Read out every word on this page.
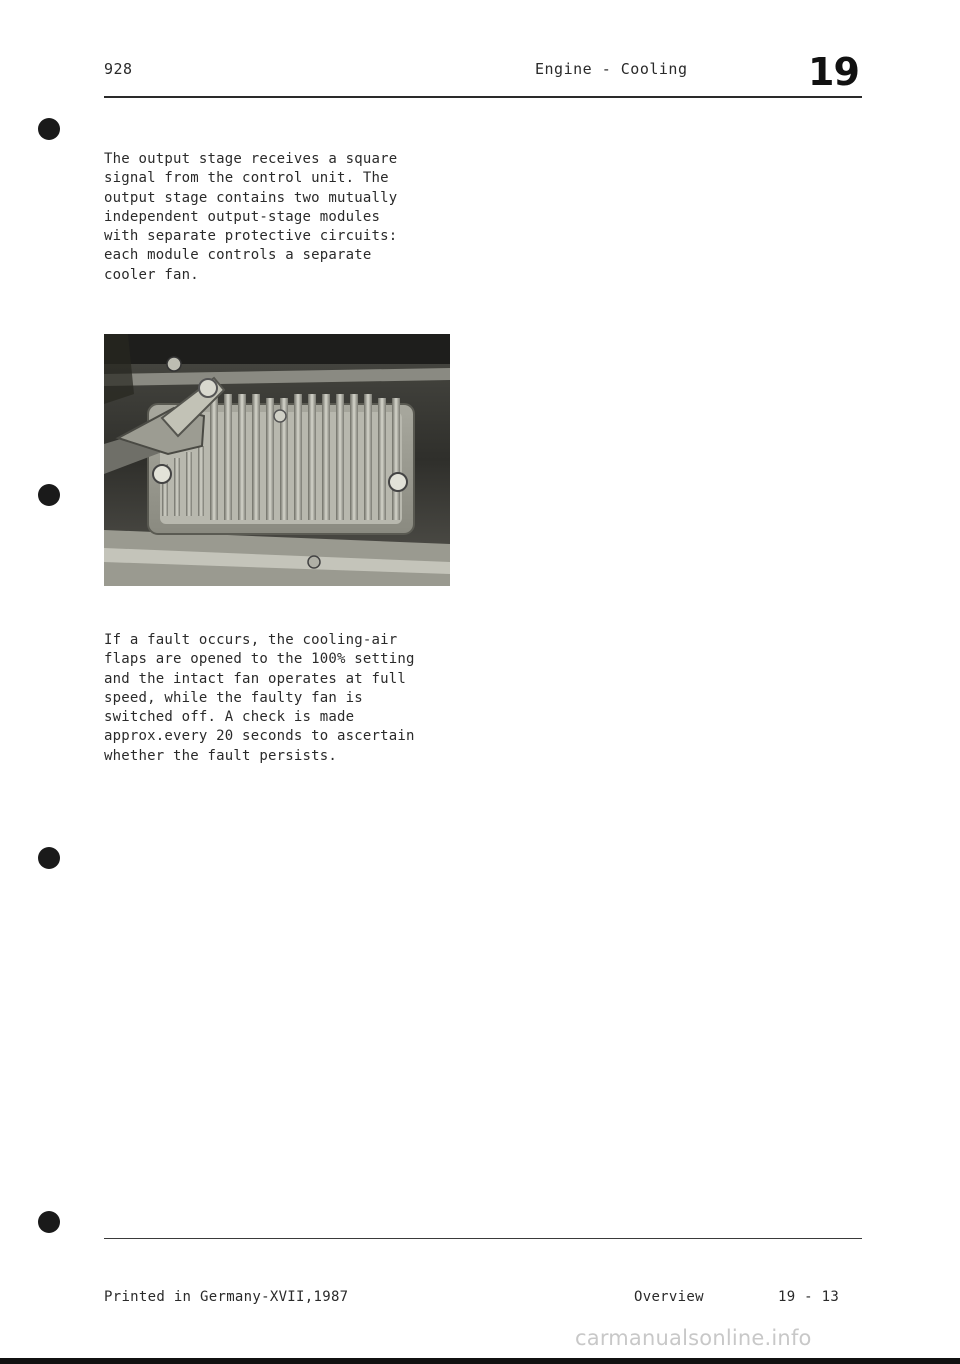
928	Engine - Cooling	19
The output stage receives a square
signal from the control unit. The
output stage contains two mutually
independent output-stage modules
with separate protective circuits:
each module controls a separate
cooler fan.
If a fault occurs, the cooling-air
flaps are opened to the 100% setting
and the intact fan operates at full
speed, while the faulty fan is
switched off. A check is made
approx.every 20 seconds to ascertain
whether the fault persists.
Printed in Germany-XVII,1987	Overview	19 - 13
carmanualsonline.info
